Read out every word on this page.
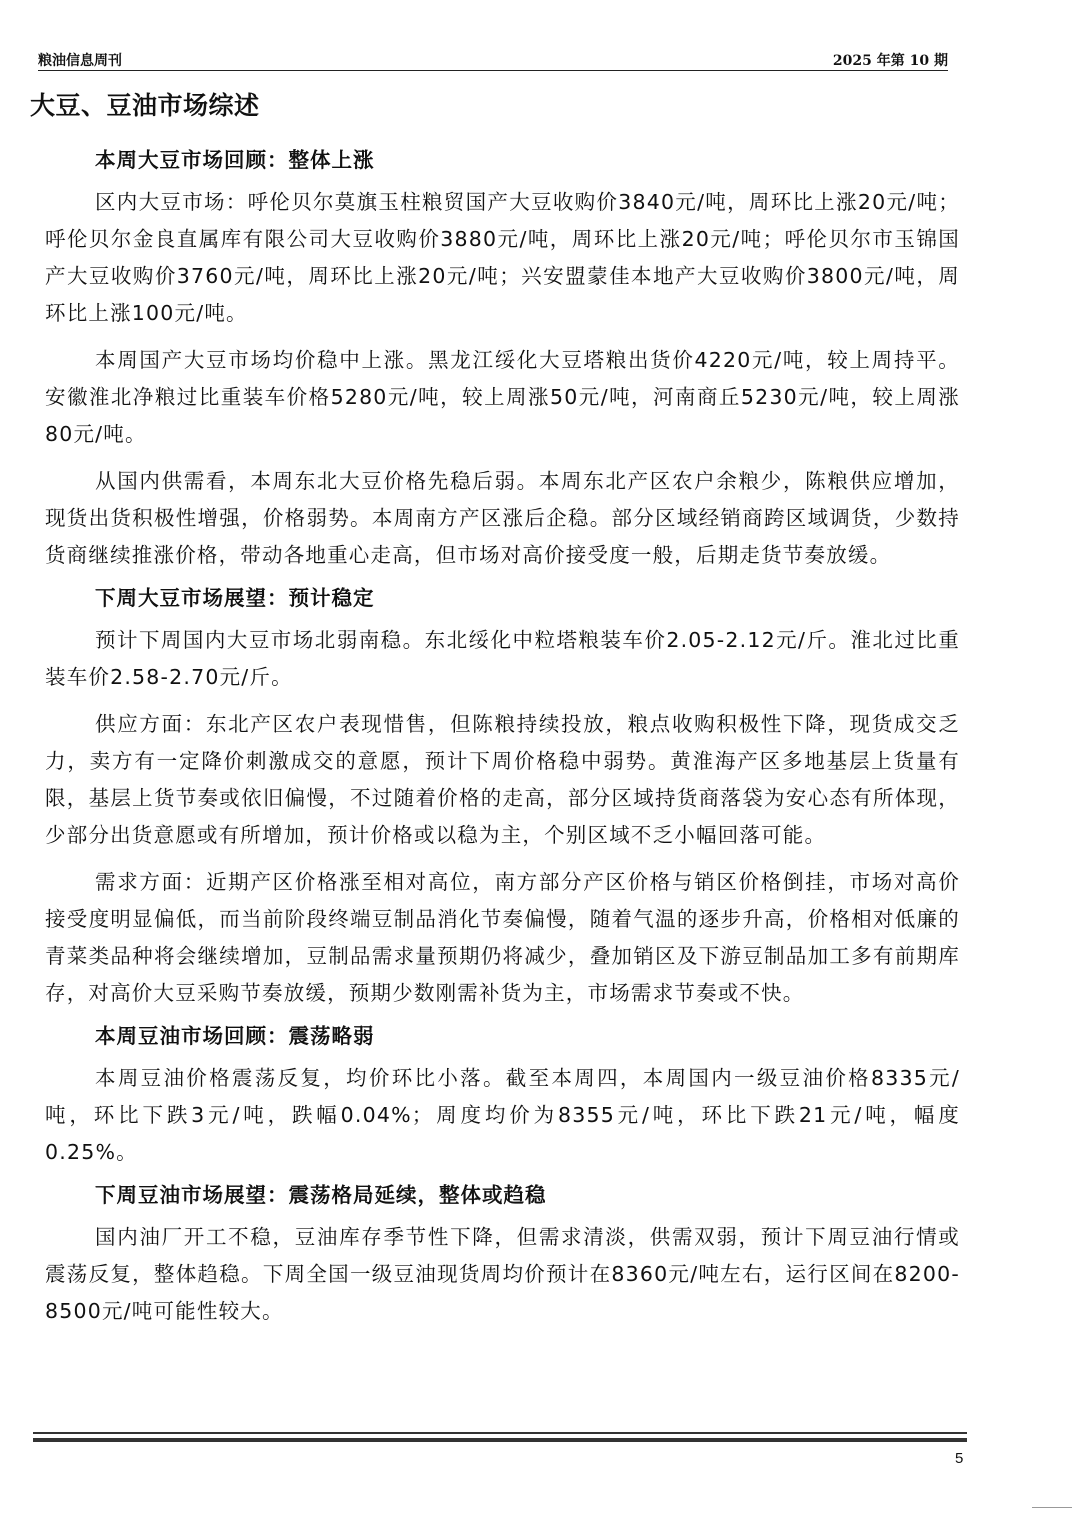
粮油信息周刊	2025 年第 10 期
大豆、豆油市场综述
本周大豆市场回顾：整体上涨

区内大豆市场：呼伦贝尔莫旗玉柱粮贸国产大豆收购价3840元/吨，周环比上涨20元/吨；呼伦贝尔金良直属库有限公司大豆收购价3880元/吨，周环比上涨20元/吨；呼伦贝尔市玉锦国产大豆收购价3760元/吨，周环比上涨20元/吨；兴安盟蒙佳本地产大豆收购价3800元/吨，周环比上涨100元/吨。

本周国产大豆市场均价稳中上涨。黑龙江绥化大豆塔粮出货价4220元/吨，较上周持平。安徽淮北净粮过比重装车价格5280元/吨，较上周涨50元/吨，河南商丘5230元/吨，较上周涨80元/吨。

从国内供需看，本周东北大豆价格先稳后弱。本周东北产区农户余粮少，陈粮供应增加，现货出货积极性增强，价格弱势。本周南方产区涨后企稳。部分区域经销商跨区域调货，少数持货商继续推涨价格，带动各地重心走高，但市场对高价接受度一般，后期走货节奏放缓。

下周大豆市场展望：预计稳定

预计下周国内大豆市场北弱南稳。东北绥化中粒塔粮装车价2.05-2.12元/斤。淮北过比重装车价2.58-2.70元/斤。

供应方面：东北产区农户表现惜售，但陈粮持续投放，粮点收购积极性下降，现货成交乏力，卖方有一定降价刺激成交的意愿，预计下周价格稳中弱势。黄淮海产区多地基层上货量有限，基层上货节奏或依旧偏慢，不过随着价格的走高，部分区域持货商落袋为安心态有所体现，少部分出货意愿或有所增加，预计价格或以稳为主，个别区域不乏小幅回落可能。

需求方面：近期产区价格涨至相对高位，南方部分产区价格与销区价格倒挂，市场对高价接受度明显偏低，而当前阶段终端豆制品消化节奏偏慢，随着气温的逐步升高，价格相对低廉的青菜类品种将会继续增加，豆制品需求量预期仍将减少，叠加销区及下游豆制品加工多有前期库存，对高价大豆采购节奏放缓，预期少数刚需补货为主，市场需求节奏或不快。

本周豆油市场回顾：震荡略弱

本周豆油价格震荡反复，均价环比小落。截至本周四，本周国内一级豆油价格8335元/吨，环比下跌3元/吨，跌幅0.04%；周度均价为8355元/吨，环比下跌21元/吨，幅度0.25%。

下周豆油市场展望：震荡格局延续，整体或趋稳

国内油厂开工不稳，豆油库存季节性下降，但需求清淡，供需双弱，预计下周豆油行情或震荡反复，整体趋稳。下周全国一级豆油现货周均价预计在8360元/吨左右，运行区间在8200-8500元/吨可能性较大。

5
